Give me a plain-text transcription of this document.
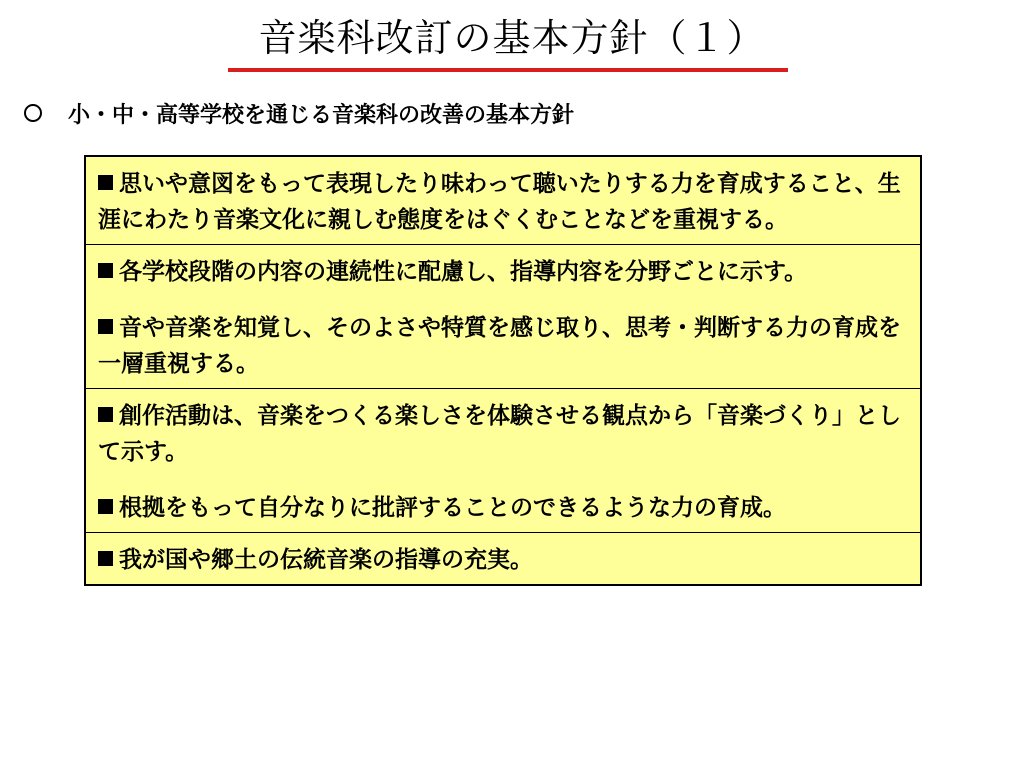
音楽科改訂の基本方針（１）
小・中・高等学校を通じる音楽科の改善の基本方針

思いや意図をもって表現したり味わって聴いたりする力を育成すること、生涯にわたり音楽文化に親しむ態度をはぐくむことなどを重視する。

各学校段階の内容の連続性に配慮し、指導内容を分野ごとに示す。

音や音楽を知覚し、そのよさや特質を感じ取り、思考・判断する力の育成を一層重視する。

創作活動は、音楽をつくる楽しさを体験させる観点から「音楽づくり」として示す。

根拠をもって自分なりに批評することのできるような力の育成。

我が国や郷土の伝統音楽の指導の充実。
